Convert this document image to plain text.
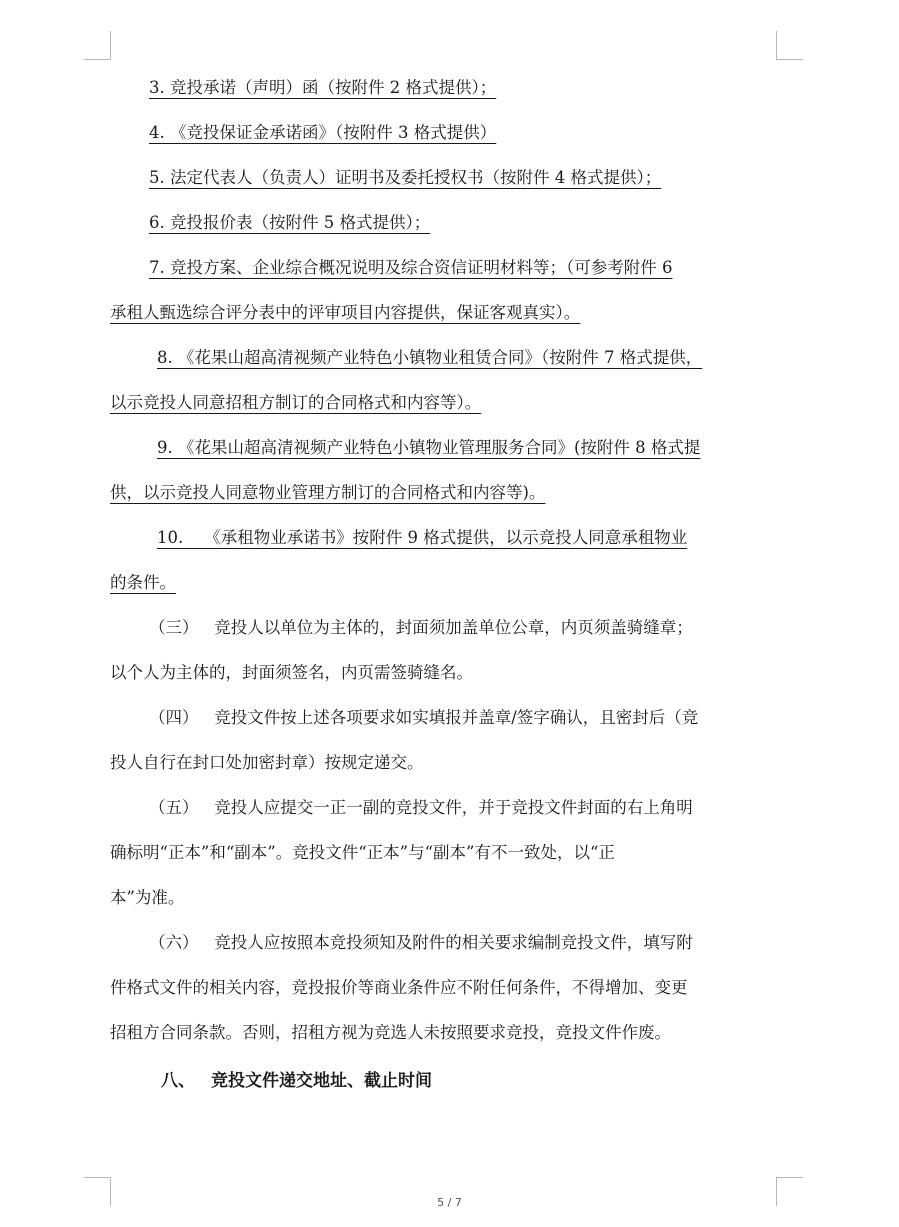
3. 竞投承诺（声明）函（按附件 2 格式提供）；
4. 《竞投保证金承诺函》（按附件 3 格式提供）
5. 法定代表人（负责人）证明书及委托授权书（按附件 4 格式提供）；
6. 竞投报价表（按附件 5 格式提供）；
7. 竞投方案、企业综合概况说明及综合资信证明材料等；（可参考附件 6
承租人甄选综合评分表中的评审项目内容提供，保证客观真实）。
8. 《花果山超高清视频产业特色小镇物业租赁合同》（按附件 7 格式提供，
以示竞投人同意招租方制订的合同格式和内容等）。
9. 《花果山超高清视频产业特色小镇物业管理服务合同》(按附件 8 格式提
供，以示竞投人同意物业管理方制订的合同格式和内容等)。
10.    《承租物业承诺书》按附件 9 格式提供，以示竞投人同意承租物业
的条件。
（三）   竞投人以单位为主体的，封面须加盖单位公章，内页须盖骑缝章；
以个人为主体的，封面须签名，内页需签骑缝名。
（四）   竞投文件按上述各项要求如实填报并盖章/签字确认，且密封后（竞
投人自行在封口处加密封章）按规定递交。
（五）   竞投人应提交一正一副的竞投文件，并于竞投文件封面的右上角明
确标明“正本”和“副本”。竞投文件“正本”与“副本”有不一致处，以“正
本”为准。
（六）   竞投人应按照本竞投须知及附件的相关要求编制竞投文件，填写附
件格式文件的相关内容，竞投报价等商业条件应不附任何条件，不得增加、变更
招租方合同条款。否则，招租方视为竞选人未按照要求竞投，竞投文件作废。
八、 竞投文件递交地址、截止时间
5 / 7
